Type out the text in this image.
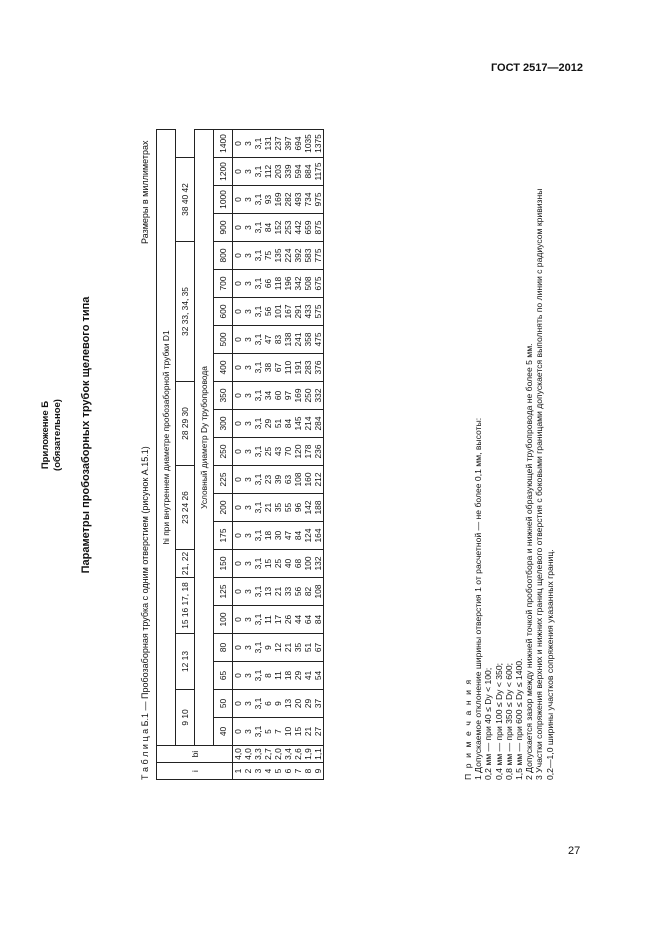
ГОСТ 2517—2012
Приложение Б (обязательное) Параметры пробозаборных трубок щелевого типа
Т а б л и ц а Б.1 — Пробозаборная трубка с одним отверстием (рисунок А.15.1)
Размеры в миллиметрах
i	bi	hi при внутреннем диаметре пробозаборной трубки D1																					
		9 10		12 13		15 16 17, 18		21, 22	23 24 26			28 29 30			32 33, 34, 35					38 40 42			
		Условный диаметр Dy трубопровода																					
		40	50	65	80	100	125	150	175	200	225	250	300	350	400	500	600	700	800	900	1000	1200	1400
1	4,0	0	0	0	0	0	0	0	0	0	0	0	0	0	0	0	0	0	0	0	0	0	0
2	4,0	3	3	3	3	3	3	3	3	3	3	3	3	3	3	3	3	3	3	3	3	3	3
3	3,3	3,1	3,1	3,1	3,1	3,1	3,1	3,1	3,1	3,1	3,1	3,1	3,1	3,1	3,1	3,1	3,1	3,1	3,1	3,1	3,1	3,1	3,1
4	2,7	5	6	8	9	11	13	15	18	21	23	25	29	34	38	47	56	66	75	84	93	112	131
5	2,0	7	9	11	12	17	21	25	30	35	39	43	51	60	67	83	101	118	135	152	169	203	237
6	3,4	10	13	18	21	26	33	40	47	55	63	70	84	97	110	138	167	196	224	253	282	339	397
7	2,6	15	20	29	35	44	56	68	84	96	108	120	145	169	191	241	291	342	392	442	493	594	694
8	1,9	21	29	41	51	64	82	100	124	142	160	178	214	250	283	358	433	508	583	659	734	884	1035
9	1,1	27	37	54	67	84	108	132	164	188	212	236	284	332	376	475	575	675	775	875	975	1175	1375
П р и м е ч а н и я 1 Допускаемое отклонение ширины отверстия 1 от расчетной — не более 0,1 мм, высоты: 0,2 мм — при 40 ≤ Dy < 100; 0,4 мм — при 100 ≤ Dy < 350; 0,8 мм — при 350 ≤ Dy < 600; 1,5 мм — при 600 ≤ Dy ≤ 1400. 2 Допускается зазор между нижней точкой пробоотбора и нижней образующей трубопровода не более 5 мм. 3 Участки сопряжения верхних и нижних границ щелевого отверстия с боковыми границами допускается выполнять по линии с радиусом кривизны 0,2—1,0 ширины участков сопряжения указанных границ.
27
